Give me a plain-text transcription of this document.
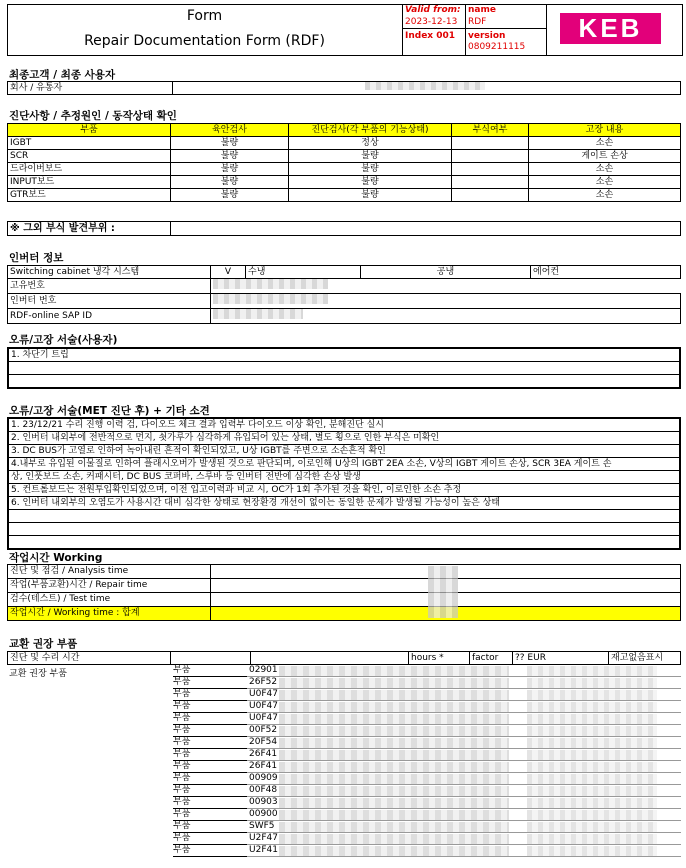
Form
Repair Documentation Form (RDF)
Valid from:
2023-12-13
Index 001
name
RDF
version
0809211115
KEB
최종고객 / 최종 사용자
회사 / 유통자	
진단사항 / 추정원인 / 동작상태 확인
부품	육안검사	진단검사(각 부품의 기능상태)	부식여부	고장 내용
IGBT	불량	정상		소손
SCR	불량	불량		게이트 손상
드라이버보드	불량	불량		소손
INPUT보드	불량	불량		소손
GTR보드	불량	불량		소손
※ 그외 부식 발견부위 :	
인버터 정보
Switching cabinet 냉각 시스템	V	수냉	공냉	에어컨
고유번호				
인버터 번호				
RDF-online SAP ID				
오류/고장 서술(사용자)
1. 차단기 트립

오류/고장 서술(MET 진단 후) + 기타 소견
1. 23/12/21 수리 진행 이력 검, 다이오드 체크 결과 입력부 다이오드 이상 확인, 분해진단 실시
2. 인버터 내외부에 전반적으로 먼지, 쇳가루가 심각하게 유입되어 있는 상태, 별도 횡으로 인한 부식은 미확인
3. DC BUS가 고열로 인하여 녹아내린 흔적이 확인되었고, U상 IGBT를 주변으로 소손흔적 확인
4.내부로 유입된 이물질로 인하여 플래시오버가 발생된 것으로 판단되며, 이로인해 U상의 IGBT 2EA 소손, V상의 IGBT 게이트 손상, SCR 3EA 게이트 손
상, 인풋보드 소손, 커패시터, DC BUS 코퍼바, 스루바 등 인버터 전반에 심각한 손상 발생
5. 컨트롤보드는 전원투입확인되었으며, 이전 입고이력과 비교 시, OC가 1회 추가된 것을 확인, 이로인한 소손 추정
6. 인버터 내외부의 오염도가 사용시간 대비 심각한 상태로 현장환경 개선이 없이는 동일한 문제가 발생될 가능성이 높은 상태

작업시간 Working
진단 및 점검 / Analysis time	
작업(부품교환)시간 / Repair time	
검수(테스트) / Test time	
작업시간 / Working time : 합계	
교환 권장 부품
진단 및 수리 시간			hours *	factor	?? EUR	재고없음표시
부품	02901
부품	26F52
부품	U0F47
부품	U0F47
부품	U0F47
부품	00F52
부품	20F54
부품	26F41
부품	26F41
부품	00909
부품	00F48
부품	00903
부품	00900
부품	SWF5
부품	U2F47
부품	U2F41
교환 권장 부품
